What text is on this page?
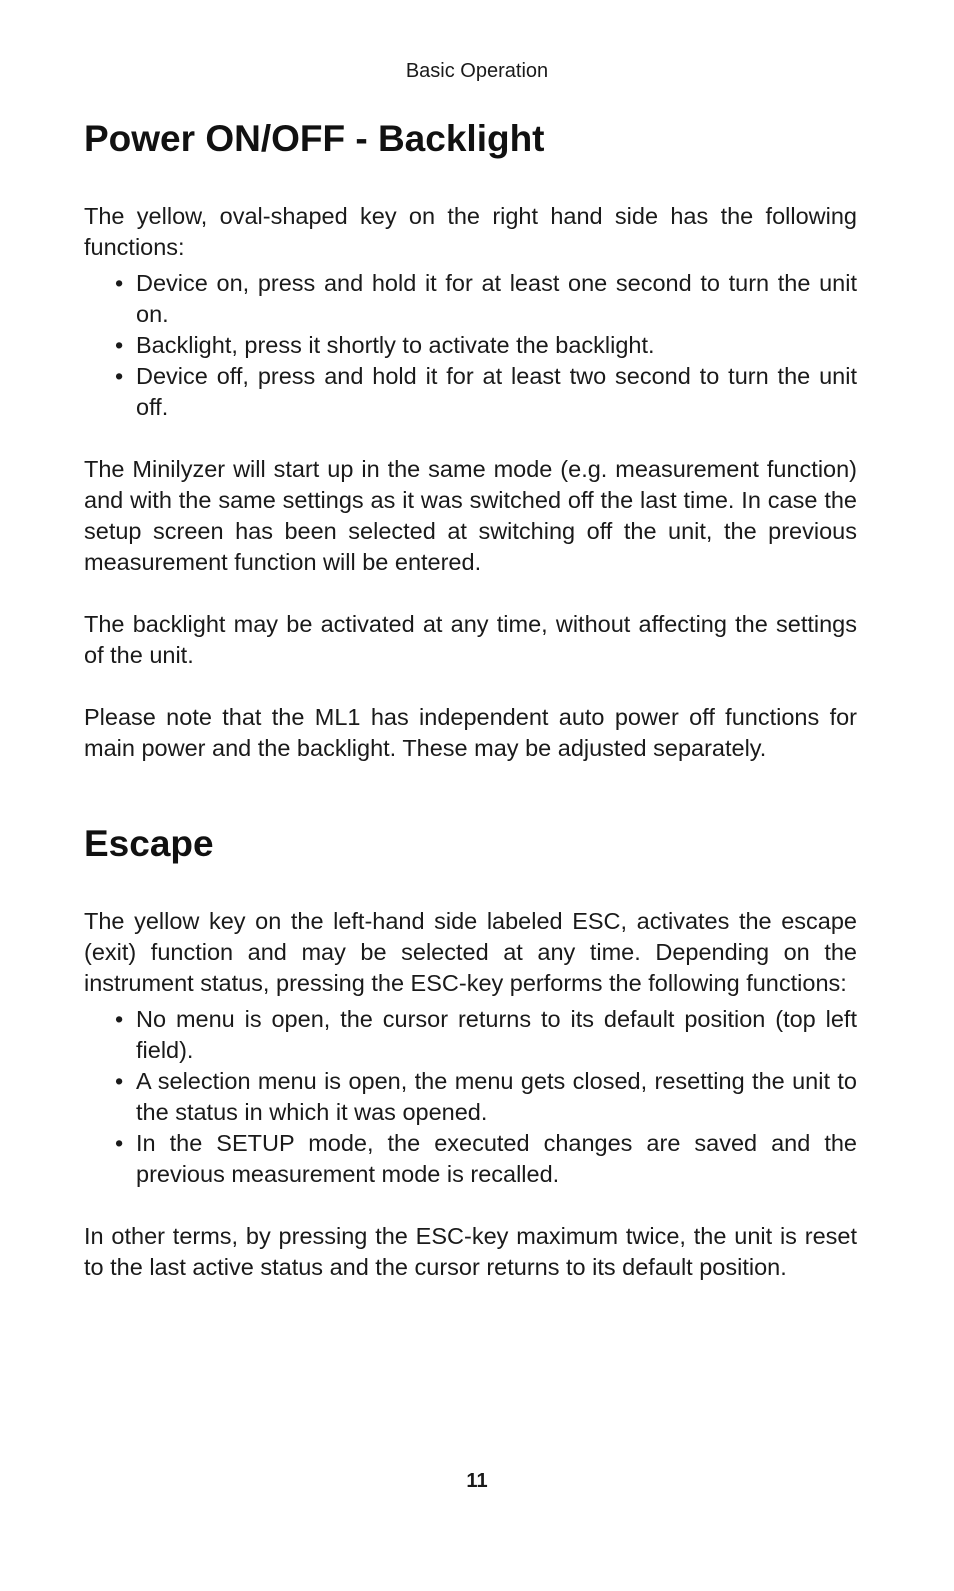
Basic Operation
Power ON/OFF - Backlight

The yellow, oval-shaped key on the right hand side has the following functions:

• Device on, press and hold it for at least one second to turn the unit on.
• Backlight, press it shortly to activate the backlight.
• Device off, press and hold it for at least two second to turn the unit off.

The Minilyzer will start up in the same mode (e.g. measurement function) and with the same settings as it was switched off the last time. In case the setup screen has been selected at switching off the unit, the previous measurement function will be entered.

The backlight may be activated at any time, without affecting the settings of the unit.

Please note that the ML1 has independent auto power off functions for main power and the backlight. These may be adjusted separately.

Escape

The yellow key on the left-hand side labeled ESC, activates the escape (exit) function and may be selected at any time. Depending on the instrument status, pressing the ESC-key performs the following functions:

• No menu is open, the cursor returns to its default position (top left field).
• A selection menu is open, the menu gets closed, resetting the unit to the status in which it was opened.
• In the SETUP mode, the executed changes are saved and the previous measurement mode is recalled.

In other terms, by pressing the ESC-key maximum twice, the unit is reset to the last active status and the cursor returns to its default position.

11
